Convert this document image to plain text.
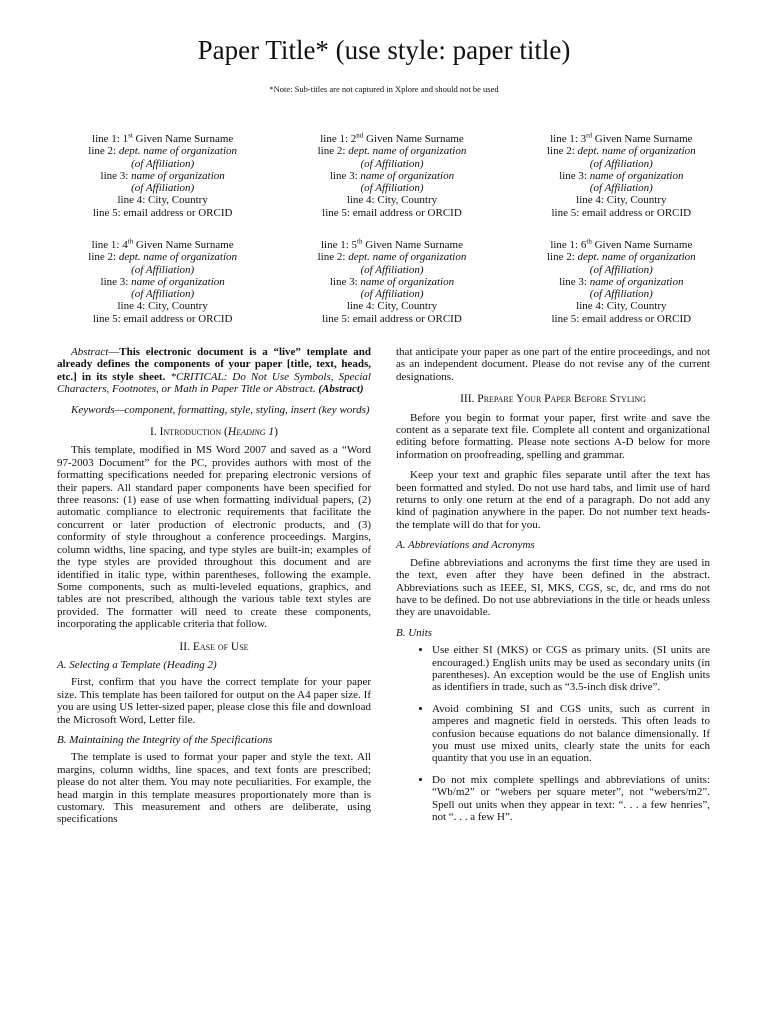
Paper Title* (use style: paper title)
*Note: Sub-titles are not captured in Xplore and should not be used
line 1: 1st Given Name Surname
line 2: dept. name of organization
(of Affiliation)
line 3: name of organization
(of Affiliation)
line 4: City, Country
line 5: email address or ORCID
line 1: 2nd Given Name Surname
line 2: dept. name of organization
(of Affiliation)
line 3: name of organization
(of Affiliation)
line 4: City, Country
line 5: email address or ORCID
line 1: 3rd Given Name Surname
line 2: dept. name of organization
(of Affiliation)
line 3: name of organization
(of Affiliation)
line 4: City, Country
line 5: email address or ORCID
line 1: 4th Given Name Surname
line 2: dept. name of organization
(of Affiliation)
line 3: name of organization
(of Affiliation)
line 4: City, Country
line 5: email address or ORCID
line 1: 5th Given Name Surname
line 2: dept. name of organization
(of Affiliation)
line 3: name of organization
(of Affiliation)
line 4: City, Country
line 5: email address or ORCID
line 1: 6th Given Name Surname
line 2: dept. name of organization
(of Affiliation)
line 3: name of organization
(of Affiliation)
line 4: City, Country
line 5: email address or ORCID

Abstract—This electronic document is a “live” template and already defines the components of your paper [title, text, heads, etc.] in its style sheet. *CRITICAL: Do Not Use Symbols, Special Characters, Footnotes, or Math in Paper Title or Abstract. (Abstract)

Keywords—component, formatting, style, styling, insert (key words)

I. Introduction (Heading 1)

This template, modified in MS Word 2007 and saved as a “Word 97-2003 Document” for the PC, provides authors with most of the formatting specifications needed for preparing electronic versions of their papers. All standard paper components have been specified for three reasons: (1) ease of use when formatting individual papers, (2) automatic compliance to electronic requirements that facilitate the concurrent or later production of electronic products, and (3) conformity of style throughout a conference proceedings. Margins, column widths, line spacing, and type styles are built-in; examples of the type styles are provided throughout this document and are identified in italic type, within parentheses, following the example. Some components, such as multi-leveled equations, graphics, and tables are not prescribed, although the various table text styles are provided. The formatter will need to create these components, incorporating the applicable criteria that follow.

II. Ease of Use
A. Selecting a Template (Heading 2)

First, confirm that you have the correct template for your paper size. This template has been tailored for output on the A4 paper size. If you are using US letter-sized paper, please close this file and download the Microsoft Word, Letter file.

B. Maintaining the Integrity of the Specifications

The template is used to format your paper and style the text. All margins, column widths, line spaces, and text fonts are prescribed; please do not alter them. You may note peculiarities. For example, the head margin in this template measures proportionately more than is customary. This measurement and others are deliberate, using specifications

that anticipate your paper as one part of the entire proceedings, and not as an independent document. Please do not revise any of the current designations.

III. Prepare Your Paper Before Styling

Before you begin to format your paper, first write and save the content as a separate text file. Complete all content and organizational editing before formatting. Please note sections A-D below for more information on proofreading, spelling and grammar.

Keep your text and graphic files separate until after the text has been formatted and styled. Do not use hard tabs, and limit use of hard returns to only one return at the end of a paragraph. Do not add any kind of pagination anywhere in the paper. Do not number text heads-the template will do that for you.

A. Abbreviations and Acronyms

Define abbreviations and acronyms the first time they are used in the text, even after they have been defined in the abstract. Abbreviations such as IEEE, SI, MKS, CGS, sc, dc, and rms do not have to be defined. Do not use abbreviations in the title or heads unless they are unavoidable.

B. Units
• Use either SI (MKS) or CGS as primary units. (SI units are encouraged.) English units may be used as secondary units (in parentheses). An exception would be the use of English units as identifiers in trade, such as “3.5-inch disk drive”.
• Avoid combining SI and CGS units, such as current in amperes and magnetic field in oersteds. This often leads to confusion because equations do not balance dimensionally. If you must use mixed units, clearly state the units for each quantity that you use in an equation.
• Do not mix complete spellings and abbreviations of units: “Wb/m2” or “webers per square meter”, not “webers/m2”. Spell out units when they appear in text: “. . . a few henries”, not “. . . a few H”.
